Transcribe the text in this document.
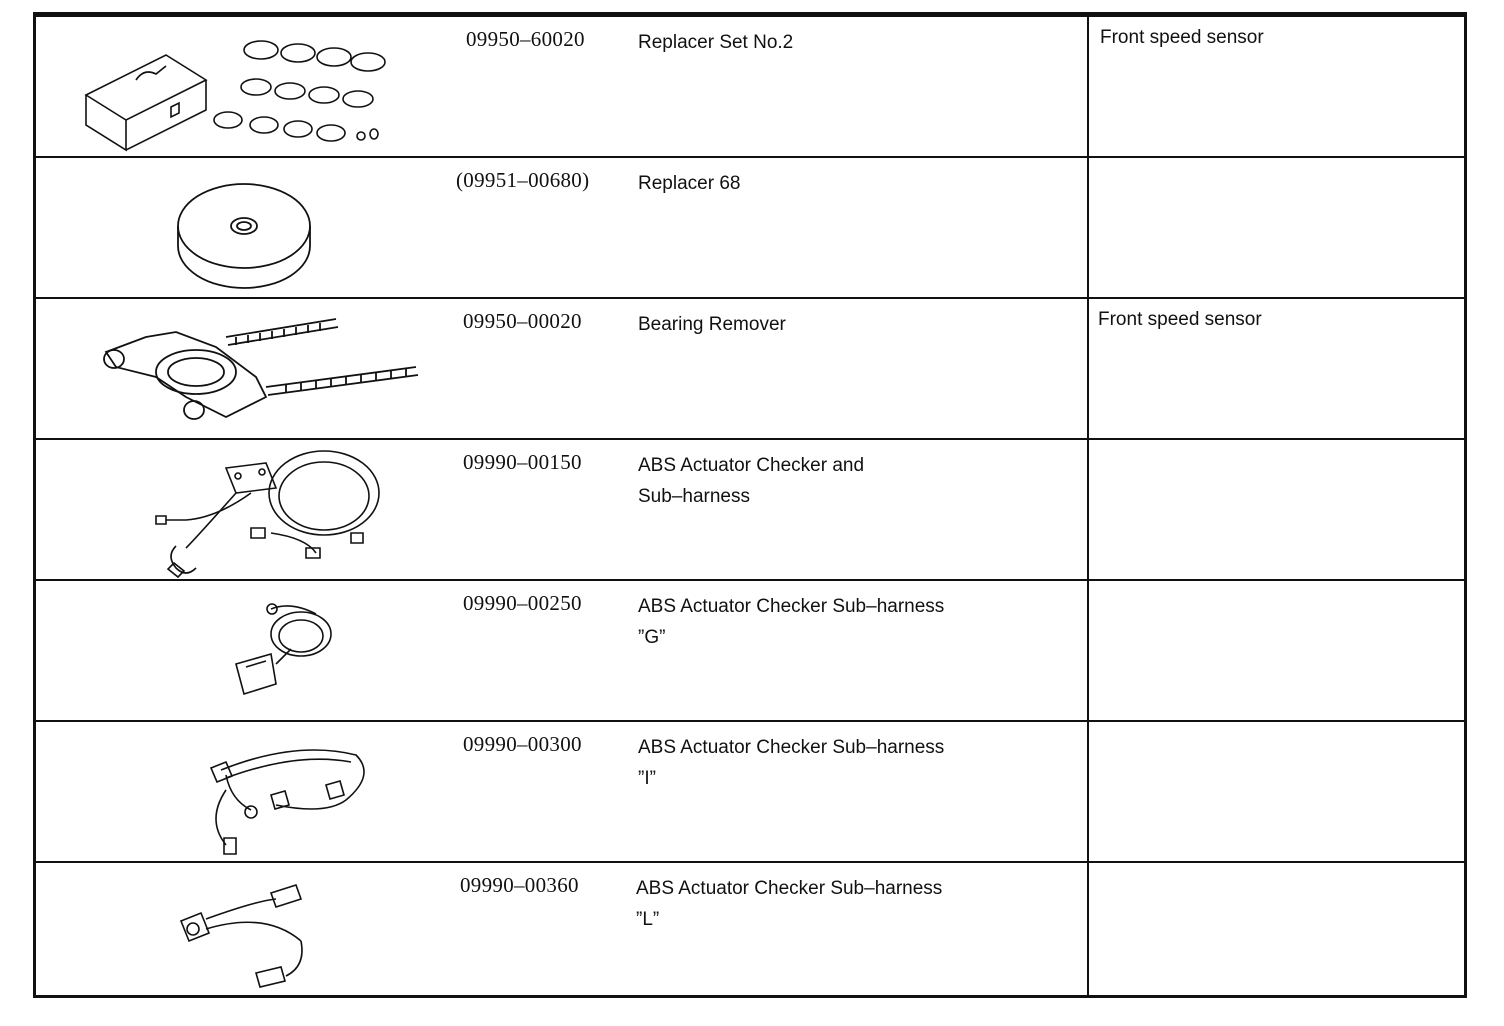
09950–60020	Replacer Set No.2	Front speed sensor
(09951–00680)	Replacer 68
09950–00020	Bearing Remover	Front speed sensor
09990–00150	ABS Actuator Checker and
Sub–harness
09990–00250	ABS Actuator Checker Sub–harness
”G”
09990–00300	ABS Actuator Checker Sub–harness
”I”
09990–00360	ABS Actuator Checker Sub–harness
”L”
